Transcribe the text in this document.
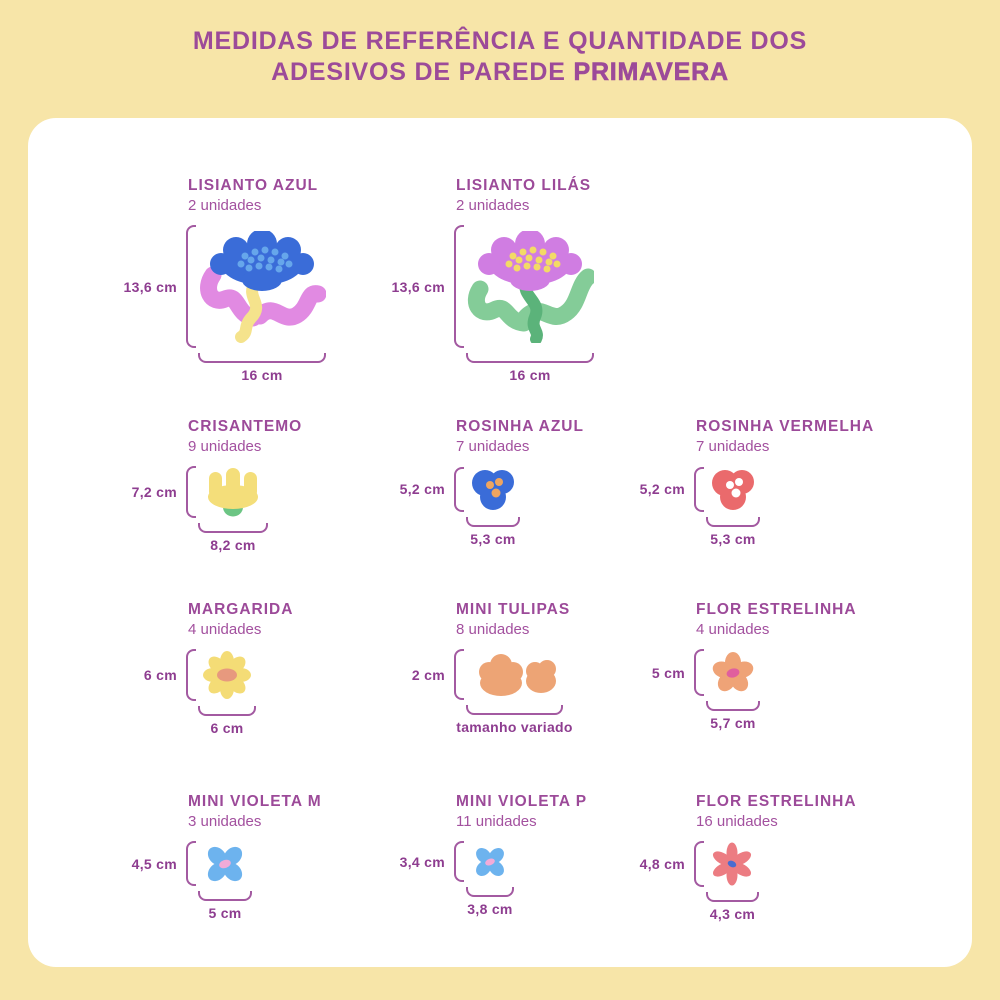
MEDIDAS DE REFERÊNCIA E QUANTIDADE DOS
ADESIVOS DE PAREDE PRIMAVERA
LISIANTO AZUL
2 unidades
13,6 cm
16 cm
LISIANTO LILÁS
2 unidades
13,6 cm
16 cm
CRISANTEMO
9 unidades
7,2 cm
8,2 cm
ROSINHA AZUL
7 unidades
5,2 cm
5,3 cm
ROSINHA VERMELHA
7 unidades
5,2 cm
5,3 cm
MARGARIDA
4 unidades
6 cm
6 cm
MINI TULIPAS
8 unidades
2 cm
tamanho variado
FLOR ESTRELINHA
4 unidades
5 cm
5,7 cm
MINI VIOLETA M
3 unidades
4,5 cm
5 cm
MINI VIOLETA P
11 unidades
3,4 cm
3,8 cm
FLOR ESTRELINHA
16 unidades
4,8 cm
4,3 cm
